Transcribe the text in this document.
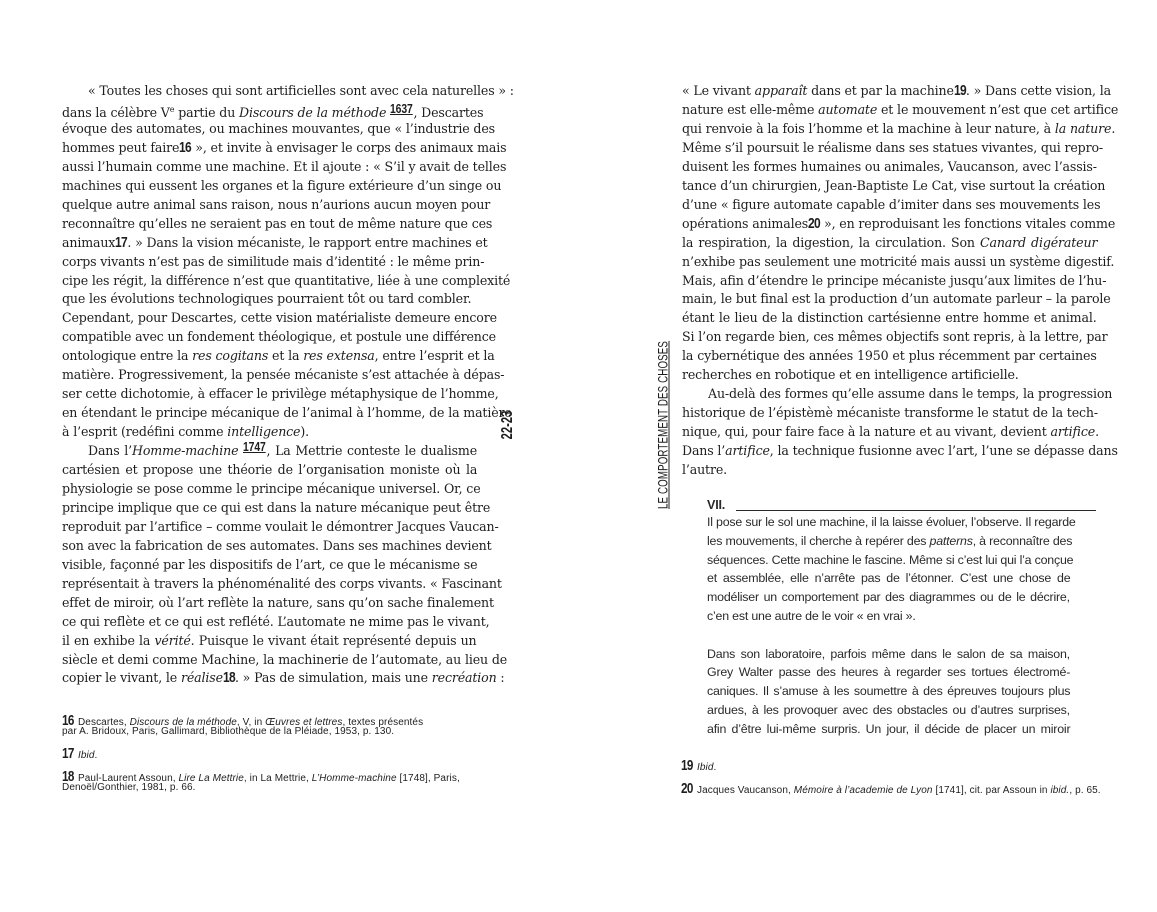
« Toutes les choses qui sont artificielles sont avec cela naturelles » :
dans la célèbre Ve partie du Discours de la méthode 1637, Descartes
évoque des automates, ou machines mouvantes, que « l’industrie des
hommes peut faire16 », et invite à envisager le corps des animaux mais
aussi l’humain comme une machine. Et il ajoute : « S’il y avait de telles
machines qui eussent les organes et la figure extérieure d’un singe ou
quelque autre animal sans raison, nous n’aurions aucun moyen pour
reconnaître qu’elles ne seraient pas en tout de même nature que ces
animaux17. » Dans la vision mécaniste, le rapport entre machines et
corps vivants n’est pas de similitude mais d’identité : le même prin-
cipe les régit, la différence n’est que quantitative, liée à une complexité
que les évolutions technologiques pourraient tôt ou tard combler.
Cependant, pour Descartes, cette vision matérialiste demeure encore
compatible avec un fondement théologique, et postule une différence
ontologique entre la res cogitans et la res extensa, entre l’esprit et la
matière. Progressivement, la pensée mécaniste s’est attachée à dépas-
ser cette dichotomie, à effacer le privilège métaphysique de l’homme,
en étendant le principe mécanique de l’animal à l’homme, de la matière
à l’esprit (redéfini comme intelligence).
Dans l’Homme-machine 1747, La Mettrie conteste le dualisme
cartésien et propose une théorie de l’organisation moniste où la
physiologie se pose comme le principe mécanique universel. Or, ce
principe implique que ce qui est dans la nature mécanique peut être
reproduit par l’artifice – comme voulait le démontrer Jacques Vaucan-
son avec la fabrication de ses automates. Dans ses machines devient
visible, façonné par les dispositifs de l’art, ce que le mécanisme se
représentait à travers la phénoménalité des corps vivants. « Fascinant
effet de miroir, où l’art reflète la nature, sans qu’on sache finalement
ce qui reflète et ce qui est reflété. L’automate ne mime pas le vivant,
il en exhibe la vérité. Puisque le vivant était représenté depuis un
siècle et demi comme Machine, la machinerie de l’automate, au lieu de
copier le vivant, le réalise18. » Pas de simulation, mais une recréation :
16 Descartes, Discours de la méthode, V, in Œuvres et lettres, textes présentés
par A. Bridoux, Paris, Gallimard, Bibliothèque de la Pléiade, 1953, p. 130.
17 Ibid.
18 Paul-Laurent Assoun, Lire La Mettrie, in La Mettrie, L’Homme-machine [1748], Paris,
Denoël/Gonthier, 1981, p. 66.
22-23	LE COMPORTEMENT DES CHOSES
« Le vivant apparaît dans et par la machine19. » Dans cette vision, la
nature est elle-même automate et le mouvement n’est que cet artifice
qui renvoie à la fois l’homme et la machine à leur nature, à la nature.
Même s’il poursuit le réalisme dans ses statues vivantes, qui repro-
duisent les formes humaines ou animales, Vaucanson, avec l’assis-
tance d’un chirurgien, Jean-Baptiste Le Cat, vise surtout la création
d’une « figure automate capable d’imiter dans ses mouvements les
opérations animales20 », en reproduisant les fonctions vitales comme
la respiration, la digestion, la circulation. Son Canard digérateur
n’exhibe pas seulement une motricité mais aussi un système digestif.
Mais, afin d’étendre le principe mécaniste jusqu’aux limites de l’hu-
main, le but final est la production d’un automate parleur – la parole
étant le lieu de la distinction cartésienne entre homme et animal.
Si l’on regarde bien, ces mêmes objectifs sont repris, à la lettre, par
la cybernétique des années 1950 et plus récemment par certaines
recherches en robotique et en intelligence artificielle.
Au-delà des formes qu’elle assume dans le temps, la progression
historique de l’épistèmè mécaniste transforme le statut de la tech-
nique, qui, pour faire face à la nature et au vivant, devient artifice.
Dans l’artifice, la technique fusionne avec l’art, l’une se dépasse dans
l’autre.
VII.
Il pose sur le sol une machine, il la laisse évoluer, l’observe. Il regarde
les mouvements, il cherche à repérer des patterns, à reconnaître des
séquences. Cette machine le fascine. Même si c’est lui qui l’a conçue
et assemblée, elle n’arrête pas de l’étonner. C’est une chose de
modéliser un comportement par des diagrammes ou de le décrire,
c’en est une autre de le voir « en vrai ».
Dans son laboratoire, parfois même dans le salon de sa maison,
Grey Walter passe des heures à regarder ses tortues électromé-
caniques. Il s’amuse à les soumettre à des épreuves toujours plus
ardues, à les provoquer avec des obstacles ou d’autres surprises,
afin d’être lui-même surpris. Un jour, il décide de placer un miroir
19 Ibid.
20 Jacques Vaucanson, Mémoire à l’academie de Lyon [1741], cit. par Assoun in ibid., p. 65.
